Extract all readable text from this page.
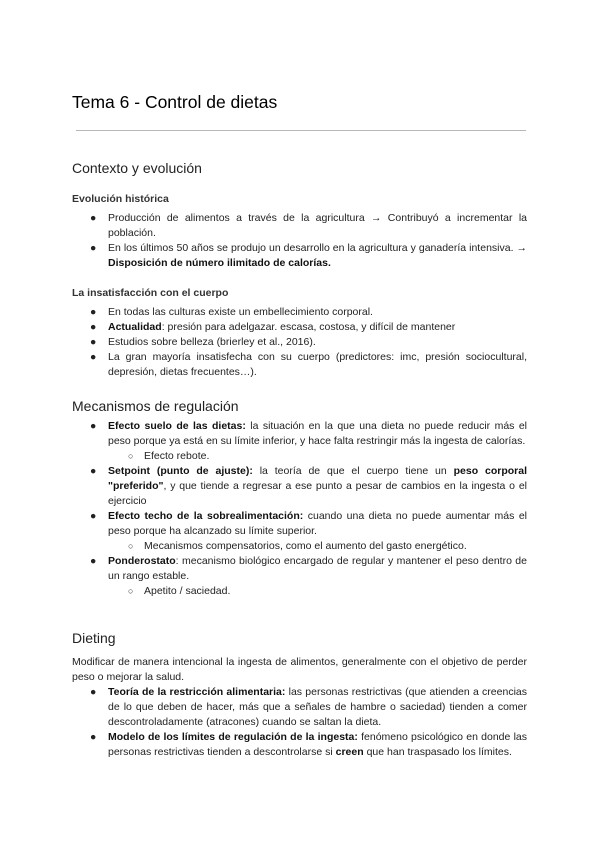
Tema 6 - Control de dietas
Contexto y evolución
Evolución histórica
● Producción de alimentos a través de la agricultura → Contribuyó a incrementar la población.
● En los últimos 50 años se produjo un desarrollo en la agricultura y ganadería intensiva. → Disposición de número ilimitado de calorías.
La insatisfacción con el cuerpo
● En todas las culturas existe un embellecimiento corporal.
● Actualidad: presión para adelgazar. escasa, costosa, y difícil de mantener
● Estudios sobre belleza (brierley et al., 2016).
● La gran mayoría insatisfecha con su cuerpo (predictores: imc, presión sociocultural, depresión, dietas frecuentes…).
Mecanismos de regulación
● Efecto suelo de las dietas: la situación en la que una dieta no puede reducir más el peso porque ya está en su límite inferior, y hace falta restringir más la ingesta de calorías.
○ Efecto rebote.
● Setpoint (punto de ajuste): la teoría de que el cuerpo tiene un peso corporal "preferido", y que tiende a regresar a ese punto a pesar de cambios en la ingesta o el ejercicio
● Efecto techo de la sobrealimentación: cuando una dieta no puede aumentar más el peso porque ha alcanzado su límite superior.
○ Mecanismos compensatorios, como el aumento del gasto energético.
● Ponderostato: mecanismo biológico encargado de regular y mantener el peso dentro de un rango estable.
○ Apetito / saciedad.
Dieting

Modificar de manera intencional la ingesta de alimentos, generalmente con el objetivo de perder peso o mejorar la salud.

● Teoría de la restricción alimentaria: las personas restrictivas (que atienden a creencias de lo que deben de hacer, más que a señales de hambre o saciedad) tienden a comer descontroladamente (atracones) cuando se saltan la dieta.
● Modelo de los límites de regulación de la ingesta: fenómeno psicológico en donde las personas restrictivas tienden a descontrolarse si creen que han traspasado los límites.
